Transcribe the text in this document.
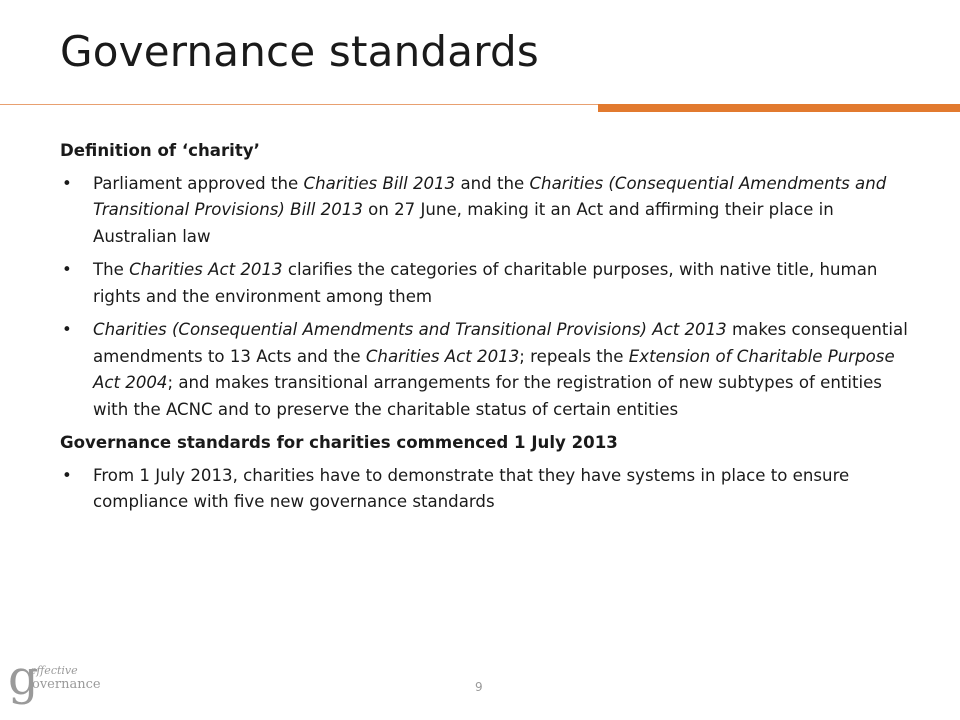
Governance standards
Definition of ‘charity’
• Parliament approved the Charities Bill 2013 and the Charities (Consequential Amendments and Transitional Provisions) Bill 2013 on 27 June, making it an Act and affirming their place in Australian law
• The Charities Act 2013 clarifies the categories of charitable purposes, with native title, human rights and the environment among them
• Charities (Consequential Amendments and Transitional Provisions) Act 2013 makes consequential amendments to 13 Acts and the Charities Act 2013; repeals the Extension of Charitable Purpose Act 2004; and makes transitional arrangements for the registration of new subtypes of entities with the ACNC and to preserve the charitable status of certain entities
Governance standards for charities commenced 1 July 2013
• From 1 July 2013, charities have to demonstrate that they have systems in place to ensure compliance with five new governance standards
g
effective
overnance	9
